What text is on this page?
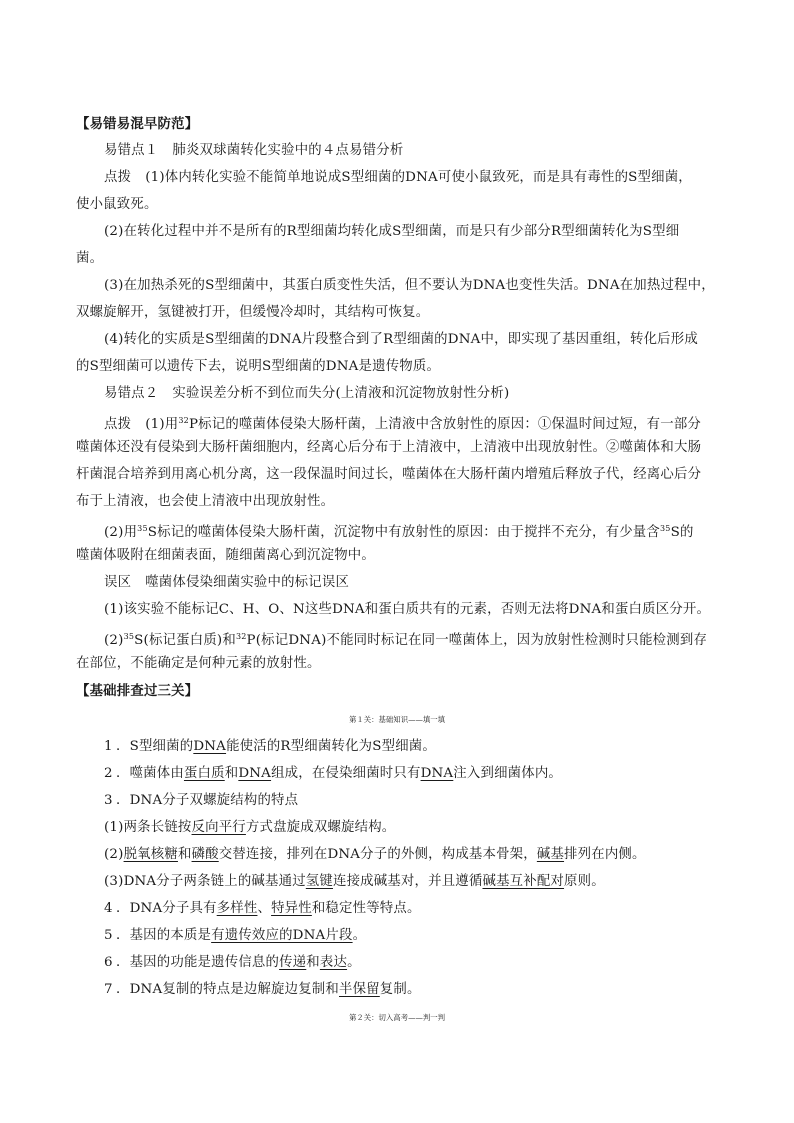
【易错易混早防范】
易错点１ 肺炎双球菌转化实验中的４点易错分析
点拨 (1)体内转化实验不能简单地说成S型细菌的DNA可使小鼠致死，而是具有毒性的S型细菌，
使小鼠致死。
(2)在转化过程中并不是所有的R型细菌均转化成S型细菌，而是只有少部分R型细菌转化为S型细
菌。
(3)在加热杀死的S型细菌中，其蛋白质变性失活，但不要认为DNA也变性失活。DNA在加热过程中，
双螺旋解开，氢键被打开，但缓慢冷却时，其结构可恢复。
(4)转化的实质是S型细菌的DNA片段整合到了R型细菌的DNA中，即实现了基因重组，转化后形成
的S型细菌可以遗传下去，说明S型细菌的DNA是遗传物质。
易错点２ 实验误差分析不到位而失分(上清液和沉淀物放射性分析)
点拨 (1)用$^{32}$P标记的噬菌体侵染大肠杆菌，上清液中含放射性的原因：①保温时间过短，有一部分
噬菌体还没有侵染到大肠杆菌细胞内，经离心后分布于上清液中，上清液中出现放射性。②噬菌体和大肠
杆菌混合培养到用离心机分离，这一段保温时间过长，噬菌体在大肠杆菌内增殖后释放子代，经离心后分
布于上清液，也会使上清液中出现放射性。
(2)用$^{35}$S标记的噬菌体侵染大肠杆菌，沉淀物中有放射性的原因：由于搅拌不充分，有少量含$^{35}$S的
噬菌体吸附在细菌表面，随细菌离心到沉淀物中。
误区 噬菌体侵染细菌实验中的标记误区
(1)该实验不能标记C、H、O、N这些DNA和蛋白质共有的元素，否则无法将DNA和蛋白质区分开。
$(2)^{35}S$(标记蛋白质)和$^{32}$P(标记DNA)不能同时标记在同一噬菌体上，因为放射性检测时只能检测到存
在部位，不能确定是何种元素的放射性。
【基础排查过三关】
第１关：基础知识——填一填
1 ．S型细菌的DNA能使活的R型细菌转化为S型细菌。
2 ．噬菌体由蛋白质和DNA组成，在侵染细菌时只有DNA注入到细菌体内。
3 ．DNA分子双螺旋结构的特点
(1)两条长链按反向平行方式盘旋成双螺旋结构。
(2)脱氧核糖和磷酸交替连接，排列在DNA分子的外侧，构成基本骨架，碱基排列在内侧。
(3)DNA分子两条链上的碱基通过氢键连接成碱基对，并且遵循碱基互补配对原则。
4 ．DNA分子具有多样性、特异性和稳定性等特点。
5 ．基因的本质是有遗传效应的DNA片段。
6 ．基因的功能是遗传信息的传递和表达。
7 ．DNA复制的特点是边解旋边复制和半保留复制。
第２关：切入高考——判一判
